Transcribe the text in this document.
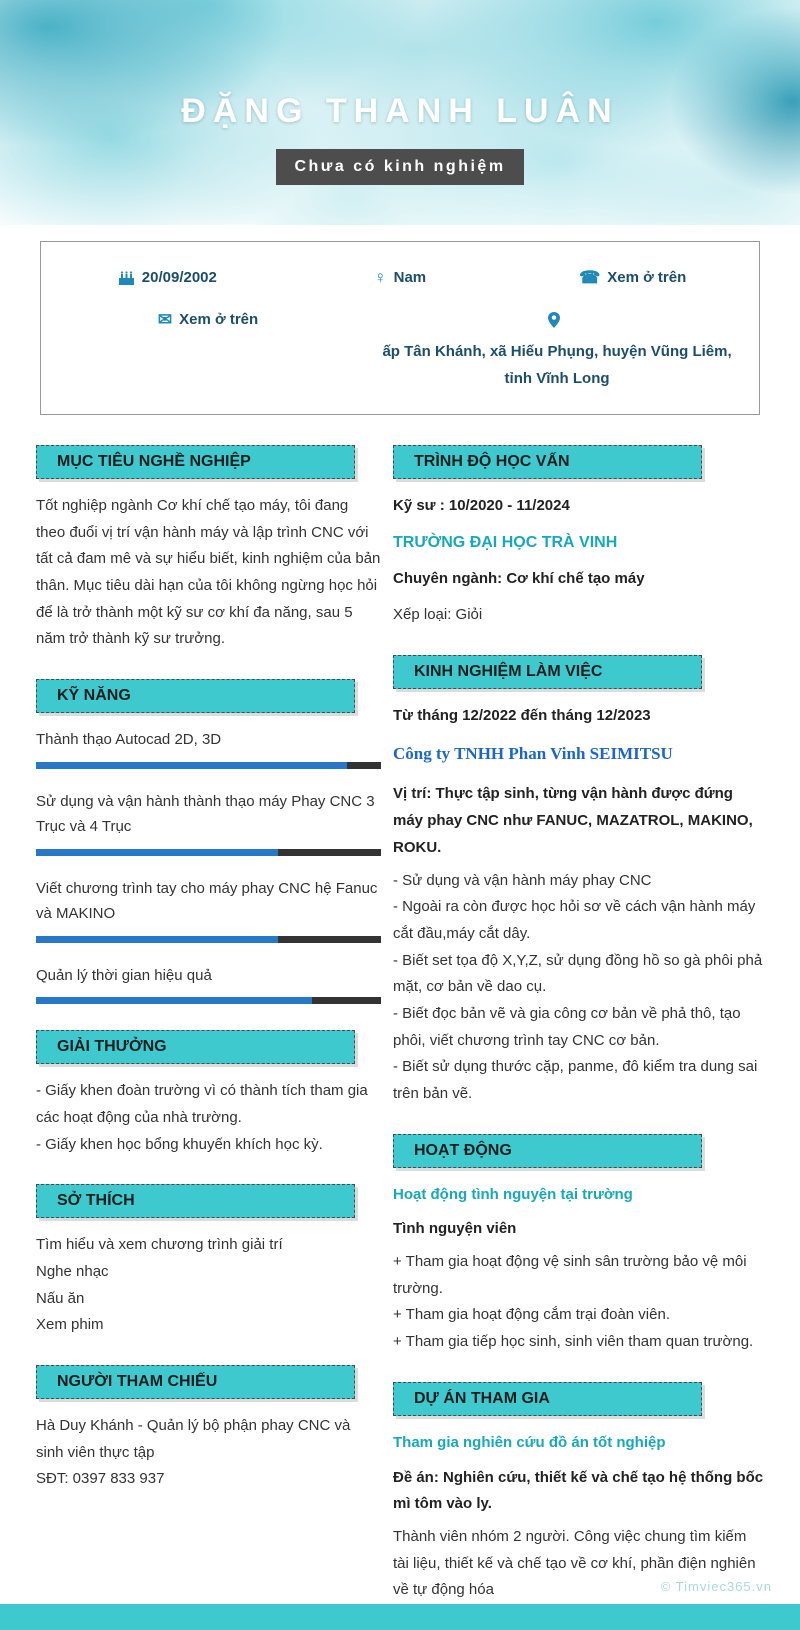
ĐẶNG THANH LUÂN
Chưa có kinh nghiệm
20/09/2002	♀ Nam	☎ Xem ở trên
✉ Xem ở trên
ấp Tân Khánh, xã Hiếu Phụng, huyện Vũng Liêm,
tỉnh Vĩnh Long
MỤC TIÊU NGHỀ NGHIỆP
Tốt nghiệp ngành Cơ khí chế tạo máy, tôi đang theo đuổi vị trí vận hành máy và lập trình CNC với tất cả đam mê và sự hiểu biết, kinh nghiệm của bản thân. Mục tiêu dài hạn của tôi không ngừng học hỏi để là trở thành một kỹ sư cơ khí đa năng, sau 5 năm trở thành kỹ sư trưởng.
KỸ NĂNG
Thành thạo Autocad 2D, 3D
Sử dụng và vận hành thành thạo máy Phay CNC 3 Trục và 4 Trục
Viết chương trình tay cho máy phay CNC hệ Fanuc và MAKINO
Quản lý thời gian hiệu quả
GIẢI THƯỞNG
- Giấy khen đoàn trường vì có thành tích tham gia các hoạt động của nhà trường.
- Giấy khen học bổng khuyến khích học kỳ.
SỞ THÍCH
Tìm hiểu và xem chương trình giải trí
Nghe nhạc
Nấu ăn
Xem phim
NGƯỜI THAM CHIẾU
Hà Duy Khánh - Quản lý bộ phận phay CNC và sinh viên thực tập
SĐT: 0397 833 937
TRÌNH ĐỘ HỌC VẤN
Kỹ sư : 10/2020 - 11/2024
TRƯỜNG ĐẠI HỌC TRÀ VINH
Chuyên ngành: Cơ khí chế tạo máy
Xếp loại: Giỏi
KINH NGHIỆM LÀM VIỆC
Từ tháng 12/2022 đến tháng 12/2023
Công ty TNHH Phan Vinh SEIMITSU
Vị trí: Thực tập sinh, từng vận hành được đứng máy phay CNC như FANUC, MAZATROL, MAKINO, ROKU.
- Sử dụng và vận hành máy phay CNC
- Ngoài ra còn được học hỏi sơ về cách vận hành máy cắt đầu,máy cắt dây.
- Biết set tọa độ X,Y,Z, sử dụng đồng hồ so gà phôi phả mặt, cơ bản về dao cụ.
- Biết đọc bản vẽ và gia công cơ bản về phả thô, tạo phôi, viết chương trình tay CNC cơ bản.
- Biết sử dụng thước cặp, panme, đô kiểm tra dung sai trên bản vẽ.
HOẠT ĐỘNG
Hoạt động tình nguyện tại trường
Tình nguyện viên
+ Tham gia hoạt động vệ sinh sân trường bảo vệ môi trường.
+ Tham gia hoạt động cắm trại đoàn viên.
+ Tham gia tiếp học sinh, sinh viên tham quan trường.
DỰ ÁN THAM GIA
Tham gia nghiên cứu đồ án tốt nghiệp
Đề án: Nghiên cứu, thiết kế và chế tạo hệ thống bốc mì tôm vào ly.
Thành viên nhóm 2 người. Công việc chung tìm kiếm tài liệu, thiết kế và chế tạo về cơ khí, phần điện nghiên về tự động hóa	© Timviec365.vn
